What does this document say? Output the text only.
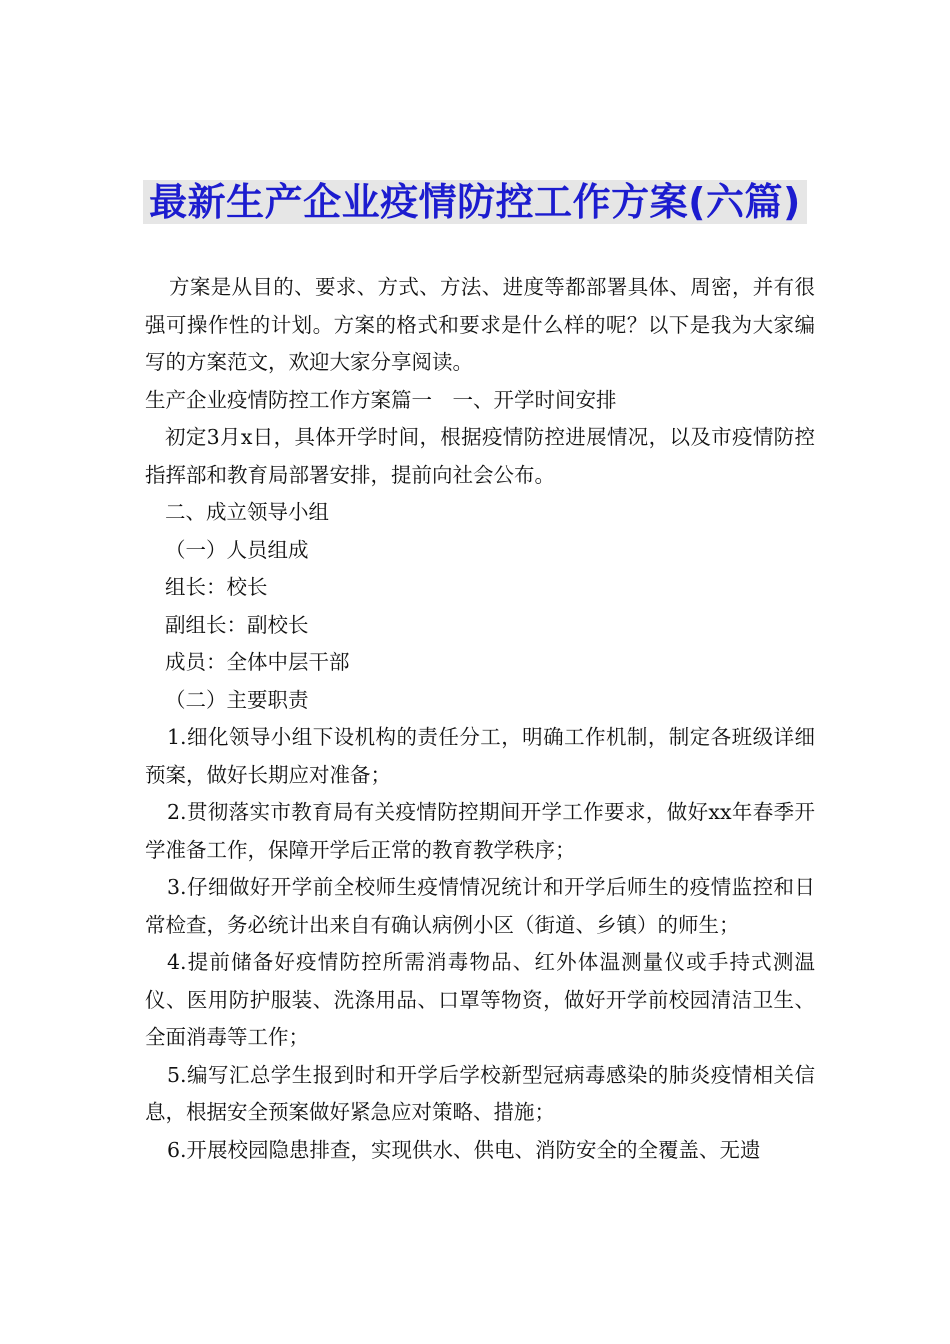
最新生产企业疫情防控工作方案(六篇)

方案是从目的、要求、方式、方法、进度等都部署具体、周密，并有很强可操作性的计划。方案的格式和要求是什么样的呢？以下是我为大家编写的方案范文，欢迎大家分享阅读。

生产企业疫情防控工作方案篇一　一、开学时间安排

初定3月x日，具体开学时间，根据疫情防控进展情况，以及市疫情防控指挥部和教育局部署安排，提前向社会公布。

二、成立领导小组

（一）人员组成

组长：校长

副组长：副校长

成员：全体中层干部

（二）主要职责

1.细化领导小组下设机构的责任分工，明确工作机制，制定各班级详细预案，做好长期应对准备；

2.贯彻落实市教育局有关疫情防控期间开学工作要求，做好xx年春季开学准备工作，保障开学后正常的教育教学秩序；

3.仔细做好开学前全校师生疫情情况统计和开学后师生的疫情监控和日常检查，务必统计出来自有确认病例小区（街道、乡镇）的师生；

4.提前储备好疫情防控所需消毒物品、红外体温测量仪或手持式测温仪、医用防护服装、洗涤用品、口罩等物资，做好开学前校园清洁卫生、全面消毒等工作；

5.编写汇总学生报到时和开学后学校新型冠病毒感染的肺炎疫情相关信息，根据安全预案做好紧急应对策略、措施；

6.开展校园隐患排查，实现供水、供电、消防安全的全覆盖、无遗
